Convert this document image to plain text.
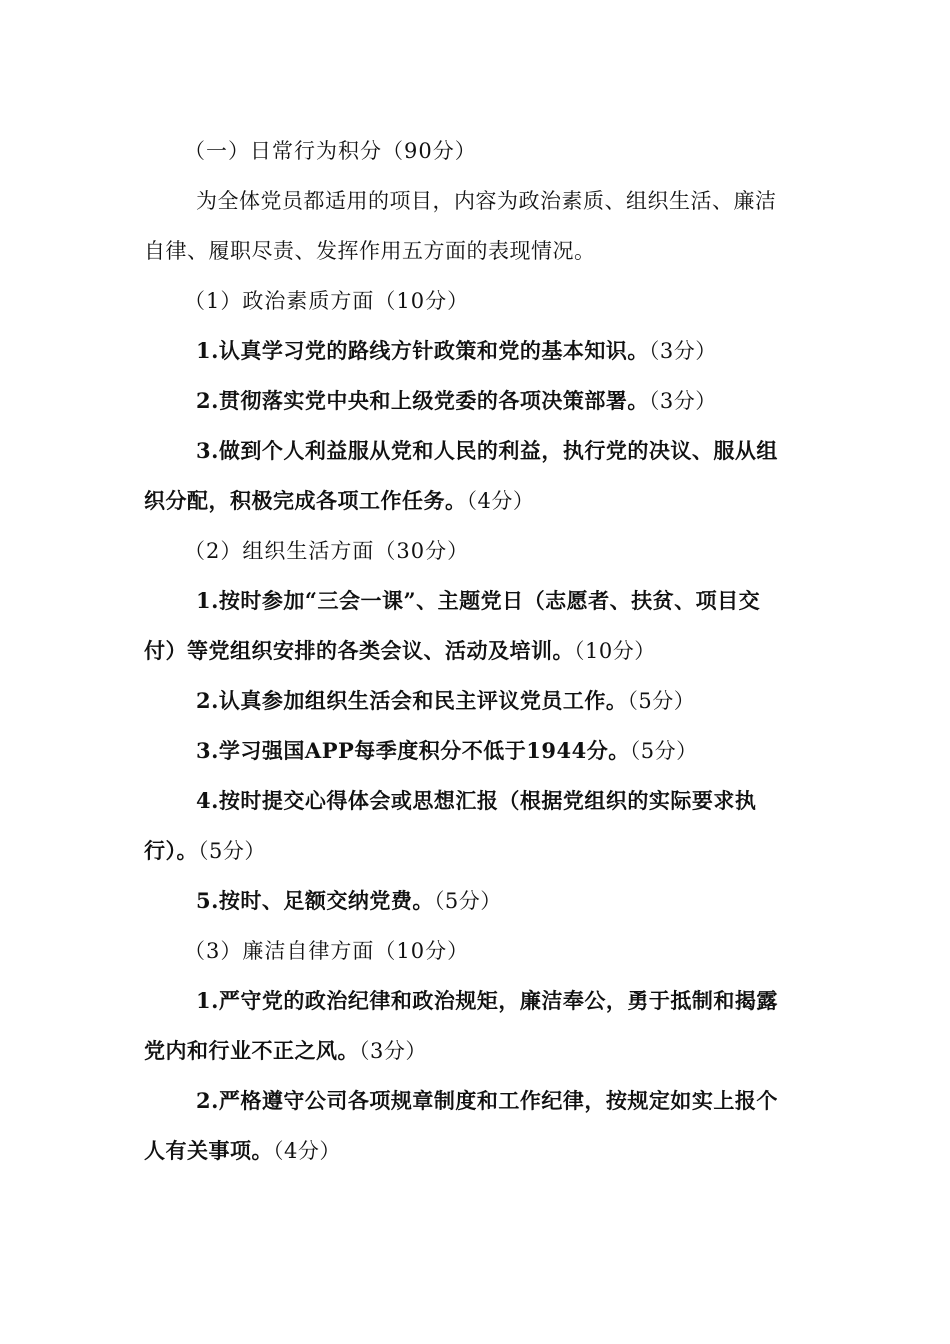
（一）日常行为积分（90分）
为全体党员都适用的项目，内容为政治素质、组织生活、廉洁
自律、履职尽责、发挥作用五方面的表现情况。
（1）政治素质方面（10分）
1.认真学习党的路线方针政策和党的基本知识。（3分）
2.贯彻落实党中央和上级党委的各项决策部署。（3分）
3.做到个人利益服从党和人民的利益，执行党的决议、服从组
织分配，积极完成各项工作任务。（4分）
（2）组织生活方面（30分）
1.按时参加“三会一课”、主题党日（志愿者、扶贫、项目交
付）等党组织安排的各类会议、活动及培训。（10分）
2.认真参加组织生活会和民主评议党员工作。（5分）
3.学习强国APP每季度积分不低于1944分。（5分）
4.按时提交心得体会或思想汇报（根据党组织的实际要求执
行）。（5分）
5.按时、足额交纳党费。（5分）
（3）廉洁自律方面（10分）
1.严守党的政治纪律和政治规矩，廉洁奉公，勇于抵制和揭露
党内和行业不正之风。（3分）
2.严格遵守公司各项规章制度和工作纪律，按规定如实上报个
人有关事项。（4分）
